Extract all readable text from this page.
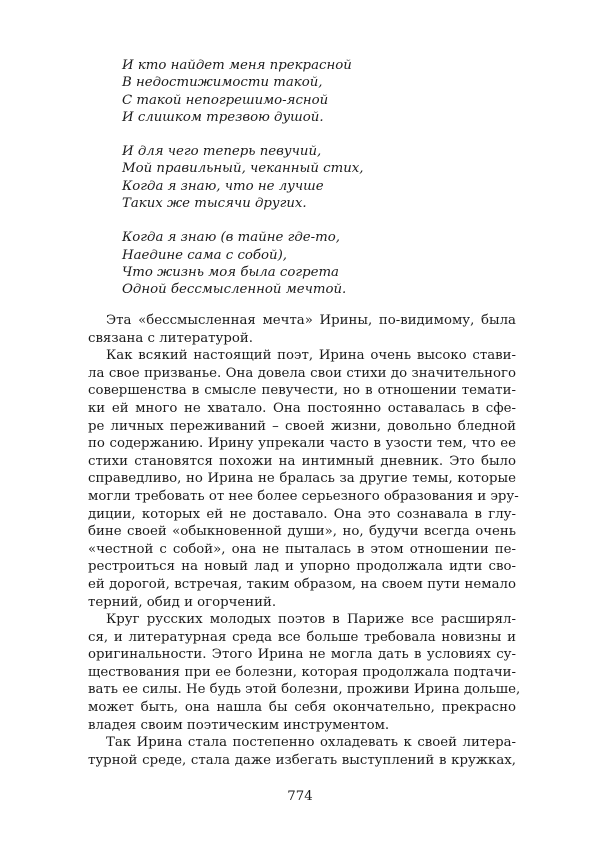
И кто найдет меня прекрасной
В недостижимости такой,
С такой непогрешимо-ясной
И слишком трезвою душой.
И для чего теперь певучий,
Мой правильный, чеканный стих,
Когда я знаю, что не лучше
Таких же тысячи других.
Когда я знаю (в тайне где-то,
Наедине сама с собой),
Что жизнь моя была согрета
Одной бессмысленной мечтой.
Эта «бессмысленная мечта» Ирины, по-видимому, была
связана с литературой.
Как всякий настоящий поэт, Ирина очень высоко стави-
ла свое призванье. Она довела свои стихи до значительного
совершенства в смысле певучести, но в отношении темати-
ки ей много не хватало. Она постоянно оставалась в сфе-
ре личных переживаний – своей жизни, довольно бледной
по содержанию. Ирину упрекали часто в узости тем, что ее
стихи становятся похожи на интимный дневник. Это было
справедливо, но Ирина не бралась за другие темы, которые
могли требовать от нее более серьезного образования и эру-
диции, которых ей не доставало. Она это сознавала в глу-
бине своей «обыкновенной души», но, будучи всегда очень
«честной с собой», она не пыталась в этом отношении пе-
рестроиться на новый лад и упорно продолжала идти сво-
ей дорогой, встречая, таким образом, на своем пути немало
терний, обид и огорчений.
Круг русских молодых поэтов в Париже все расширял-
ся, и литературная среда все больше требовала новизны и
оригинальности. Этого Ирина не могла дать в условиях су-
ществования при ее болезни, которая продолжала подтачи-
вать ее силы. Не будь этой болезни, проживи Ирина дольше,
может быть, она нашла бы себя окончательно, прекрасно
владея своим поэтическим инструментом.
Так Ирина стала постепенно охладевать к своей литера-
турной среде, стала даже избегать выступлений в кружках,
774
